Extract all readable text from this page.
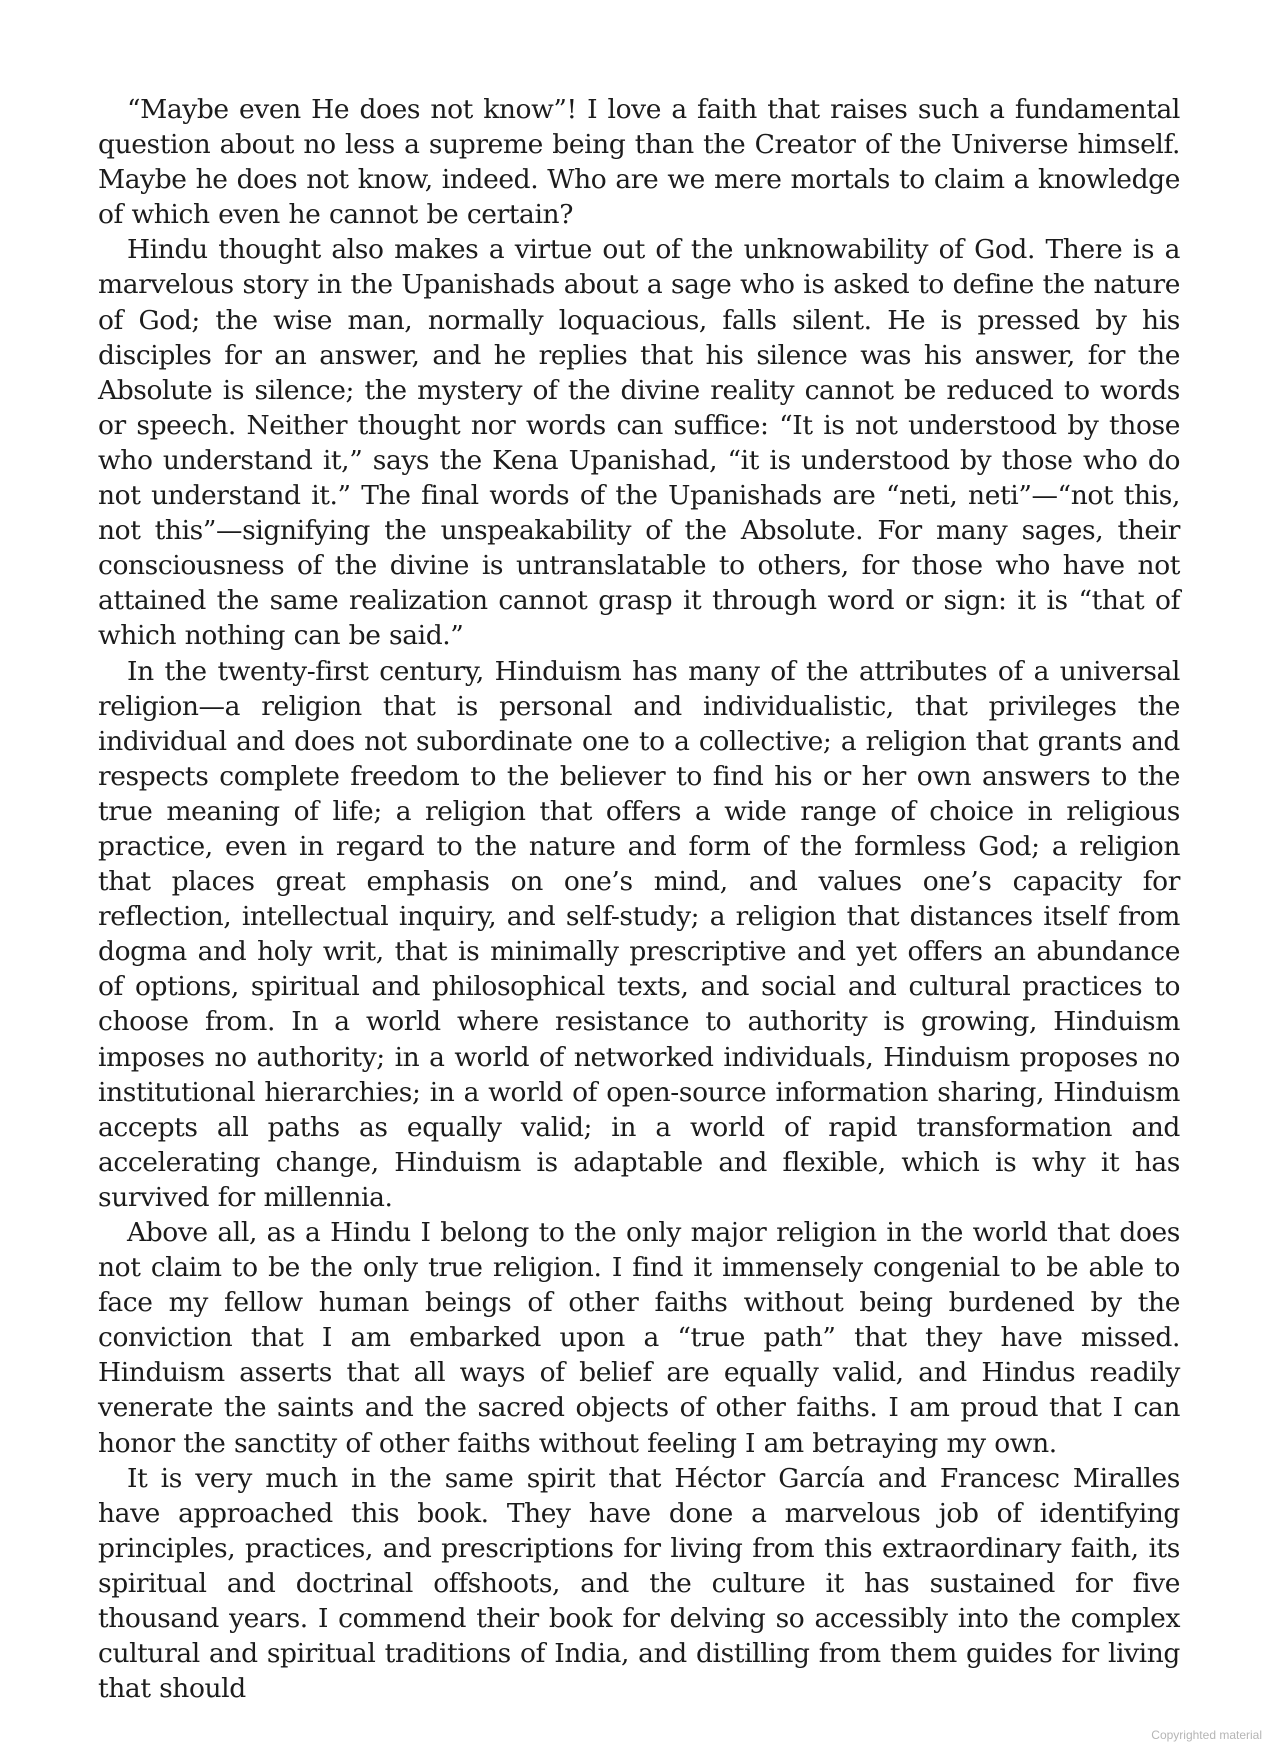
“Maybe even He does not know”! I love a faith that raises such a fundamental question about no less a supreme being than the Creator of the Universe himself. Maybe he does not know, indeed. Who are we mere mortals to claim a knowledge of which even he cannot be certain?

Hindu thought also makes a virtue out of the unknowability of God. There is a marvelous story in the Upanishads about a sage who is asked to define the nature of God; the wise man, normally loquacious, falls silent. He is pressed by his disciples for an answer, and he replies that his silence was his answer, for the Absolute is silence; the mystery of the divine reality cannot be reduced to words or speech. Neither thought nor words can suffice: “It is not understood by those who understand it,” says the Kena Upanishad, “it is understood by those who do not understand it.” The final words of the Upanishads are “neti, neti”—“not this, not this”—signifying the unspeakability of the Absolute. For many sages, their consciousness of the divine is untranslatable to others, for those who have not attained the same realization cannot grasp it through word or sign: it is “that of which nothing can be said.”

In the twenty-first century, Hinduism has many of the attributes of a universal religion—a religion that is personal and individualistic, that privileges the individual and does not subordinate one to a collective; a religion that grants and respects complete freedom to the believer to find his or her own answers to the true meaning of life; a religion that offers a wide range of choice in religious practice, even in regard to the nature and form of the formless God; a religion that places great emphasis on one’s mind, and values one’s capacity for reflection, intellectual inquiry, and self-study; a religion that distances itself from dogma and holy writ, that is minimally prescriptive and yet offers an abundance of options, spiritual and philosophical texts, and social and cultural practices to choose from. In a world where resistance to authority is growing, Hinduism imposes no authority; in a world of networked individuals, Hinduism proposes no institutional hierarchies; in a world of open-source information sharing, Hinduism accepts all paths as equally valid; in a world of rapid transformation and accelerating change, Hinduism is adaptable and flexible, which is why it has survived for millennia.

Above all, as a Hindu I belong to the only major religion in the world that does not claim to be the only true religion. I find it immensely congenial to be able to face my fellow human beings of other faiths without being burdened by the conviction that I am embarked upon a “true path” that they have missed. Hinduism asserts that all ways of belief are equally valid, and Hindus readily venerate the saints and the sacred objects of other faiths. I am proud that I can honor the sanctity of other faiths without feeling I am betraying my own.

It is very much in the same spirit that Héctor García and Francesc Miralles have approached this book. They have done a marvelous job of identifying principles, practices, and prescriptions for living from this extraordinary faith, its spiritual and doctrinal offshoots, and the culture it has sustained for five thousand years. I commend their book for delving so accessibly into the complex cultural and spiritual traditions of India, and distilling from them guides for living that should

Copyrighted material
